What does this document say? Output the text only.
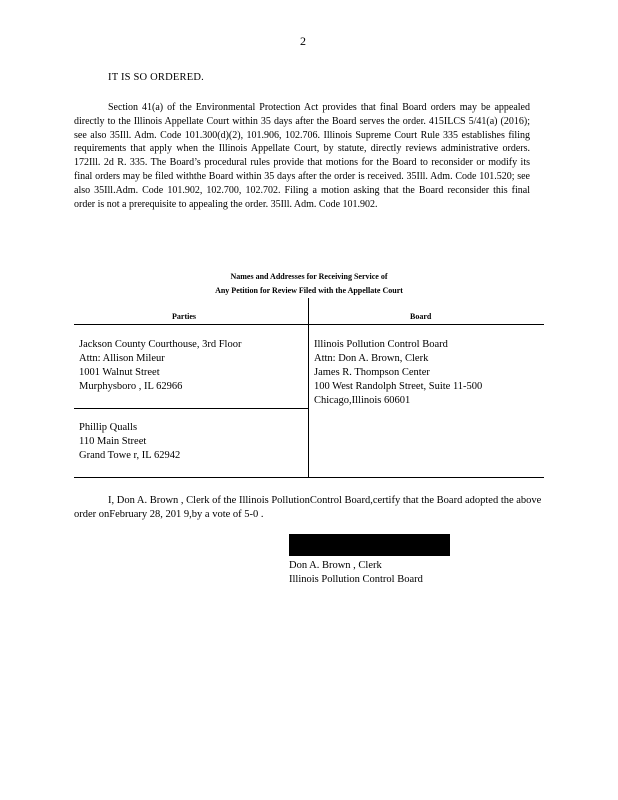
2
IT IS SO ORDERED.

Section 41(a) of the Environmental Protection Act provides that final Board orders may be appealed directly to the Illinois Appellate Court within 35 days after the Board serves the order. 415ILCS 5/41(a) (2016); see also 35Ill. Adm. Code 101.300(d)(2), 101.906, 102.706. Illinois Supreme Court Rule 335 establishes filing requirements that apply when the Illinois Appellate Court, by statute, directly reviews administrative orders. 172Ill. 2d R. 335. The Board’s procedural rules provide that motions for the Board to reconsider or modify its final orders may be filed withthe Board within 35 days after the order is received. 35Ill. Adm. Code 101.520; see also 35Ill.Adm. Code 101.902, 102.700, 102.702. Filing a motion asking that the Board reconsider this final order is not a prerequisite to appealing the order. 35Ill. Adm. Code 101.902.

Names and Addresses for Receiving Service of
Any Petition for Review Filed with the Appellate Court
Parties	Board
Jackson County Courthouse, 3rd Floor
Attn: Allison Mileur
1001 Walnut Street
Murphysboro , IL 62966
Phillip Qualls
110 Main Street
Grand Towe r, IL 62942
Illinois Pollution Control Board
Attn: Don A. Brown, Clerk
James R. Thompson Center
100 West Randolph Street, Suite 11-500
Chicago,Illinois 60601

I, Don A. Brown , Clerk of the Illinois PollutionControl Board,certify that the Board adopted the above order onFebruary 28, 201 9,by a vote of 5-0 .

Don A. Brown , Clerk
Illinois Pollution Control Board
